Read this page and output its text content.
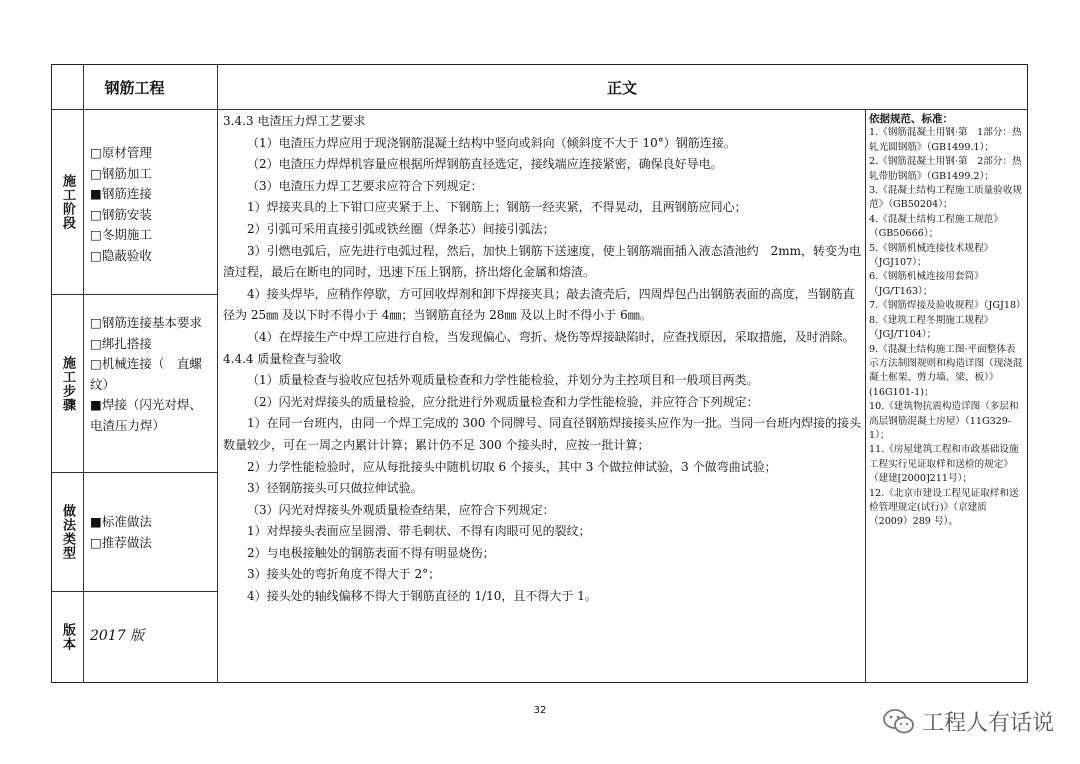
钢筋工程	正文
施工阶段
□原材管理
□钢筋加工
■钢筋连接
□钢筋安装
□冬期施工
□隐蔽验收
施工步骤
□钢筋连接基本要求
□绑扎搭接
□机械连接（　直螺纹）
■焊接（闪光对焊、电渣压力焊）
做法类型 ■标准做法
□推荐做法
版本 2017 版

3.4.3 电渣压力焊工艺要求

（1）电渣压力焊应用于现浇钢筋混凝土结构中竖向或斜向（倾斜度不大于 10°）钢筋连接。

（2）电渣压力焊焊机容量应根据所焊钢筋直径选定，接线端应连接紧密，确保良好导电。

（3）电渣压力焊工艺要求应符合下列规定：

1）焊接夹具的上下钳口应夹紧于上、下钢筋上；钢筋一经夹紧，不得晃动，且两钢筋应同心；

2）引弧可采用直接引弧或铁丝圈（焊条芯）间接引弧法；

3）引燃电弧后，应先进行电弧过程，然后，加快上钢筋下送速度，使上钢筋端面插入液态渣池约　2mm，转变为电渣过程，最后在断电的同时，迅速下压上钢筋，挤出熔化金属和熔渣。

4）接头焊毕，应稍作停歇，方可回收焊剂和卸下焊接夹具；敲去渣壳后，四周焊包凸出钢筋表面的高度，当钢筋直径为 25㎜ 及以下时不得小于 4㎜；当钢筋直径为 28㎜ 及以上时不得小于 6㎜。

（4）在焊接生产中焊工应进行自检，当发现偏心、弯折、烧伤等焊接缺陷时，应查找原因，采取措施，及时消除。

4.4.4 质量检查与验收

（1）质量检查与验收应包括外观质量检查和力学性能检验，并划分为主控项目和一般项目两类。

（2）闪光对焊接头的质量检验，应分批进行外观质量检查和力学性能检验，并应符合下列规定：

1）在同一台班内，由同一个焊工完成的 300 个同牌号、同直径钢筋焊接接头应作为一批。当同一台班内焊接的接头数量较少，可在一周之内累计计算；累计仍不足 300 个接头时，应按一批计算；

2）力学性能检验时，应从每批接头中随机切取 6 个接头，其中 3 个做拉伸试验，3 个做弯曲试验；

3）径钢筋接头可只做拉伸试验。

（3）闪光对焊接头外观质量检查结果，应符合下列规定：

1）对焊接头表面应呈圆滑、带毛刺状、不得有肉眼可见的裂纹；

2）与电极接触处的钢筋表面不得有明显烧伤；

3）接头处的弯折角度不得大于 2°；

4）接头处的轴线偏移不得大于钢筋直径的 1/10，且不得大于 1。

依据规范、标准：

1.《钢筋混凝土用钢·第　1部分：热轧光圆钢筋》（GB1499.1）；

2.《钢筋混凝土用钢·第　2部分：热轧带肋钢筋》（GB1499.2）；

3.《混凝土结构工程施工质量验收规范》（GB50204）；

4.《混凝土结构工程施工规范》（GB50666）；

5.《钢筋机械连接技术规程》（JGJ107）；

6.《钢筋机械连接用套筒》（JG/T163）；

7.《钢筋焊接及验收规程》（JGJ18）

8.《建筑工程冬期施工规程》（JGJ/T104）；

9.《混凝土结构施工图·平面整体表示方法制图规则和构造详图（现浇混凝土框架、剪力墙、梁、板）》(16G101-1)；

10.《建筑物抗震构造详图（多层和高层钢筋混凝土房屋）（11G329-1）；

11.《房屋建筑工程和市政基础设施工程实行见证取样和送检的规定》（建建[2000]211号）；

12.《北京市建设工程见证取样和送检管理规定(试行)》（京建质（2009）289 号）。

32
工程人有话说
